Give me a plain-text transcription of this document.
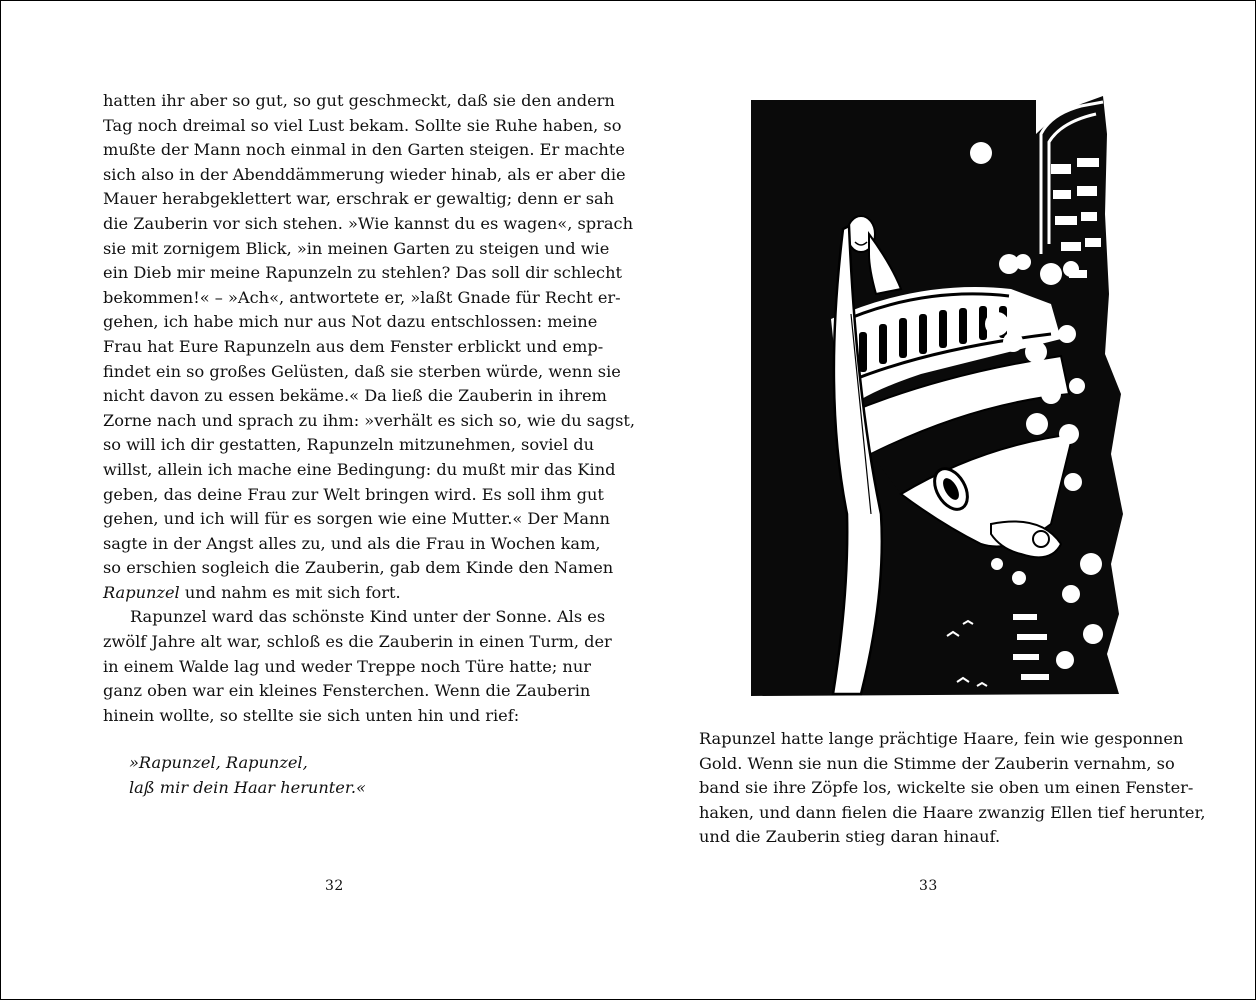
hatten ihr aber so gut, so gut geschmeckt, daß sie den andern
Tag noch dreimal so viel Lust bekam. Sollte sie Ruhe haben, so
mußte der Mann noch einmal in den Garten steigen. Er machte
sich also in der Abenddämmerung wieder hinab, als er aber die
Mauer herabgeklettert war, erschrak er gewaltig; denn er sah
die Zauberin vor sich stehen. »Wie kannst du es wagen«, sprach
sie mit zornigem Blick, »in meinen Garten zu steigen und wie
ein Dieb mir meine Rapunzeln zu stehlen? Das soll dir schlecht
bekommen!« – »Ach«, antwortete er, »laßt Gnade für Recht er-
gehen, ich habe mich nur aus Not dazu entschlossen: meine
Frau hat Eure Rapunzeln aus dem Fenster erblickt und emp-
findet ein so großes Gelüsten, daß sie sterben würde, wenn sie
nicht davon zu essen bekäme.« Da ließ die Zauberin in ihrem
Zorne nach und sprach zu ihm: »verhält es sich so, wie du sagst,
so will ich dir gestatten, Rapunzeln mitzunehmen, soviel du
willst, allein ich mache eine Bedingung: du mußt mir das Kind
geben, das deine Frau zur Welt bringen wird. Es soll ihm gut
gehen, und ich will für es sorgen wie eine Mutter.« Der Mann
sagte in der Angst alles zu, und als die Frau in Wochen kam,
so erschien sogleich die Zauberin, gab dem Kinde den Namen
Rapunzel und nahm es mit sich fort.

Rapunzel ward das schönste Kind unter der Sonne. Als es
zwölf Jahre alt war, schloß es die Zauberin in einen Turm, der
in einem Walde lag und weder Treppe noch Türe hatte; nur
ganz oben war ein kleines Fensterchen. Wenn die Zauberin
hinein wollte, so stellte sie sich unten hin und rief:

»Rapunzel, Rapunzel,
laß mir dein Haar herunter.«
32
Rapunzel hatte lange prächtige Haare, fein wie gesponnen
Gold. Wenn sie nun die Stimme der Zauberin vernahm, so
band sie ihre Zöpfe los, wickelte sie oben um einen Fenster-
haken, und dann fielen die Haare zwanzig Ellen tief herunter,
und die Zauberin stieg daran hinauf.
33
